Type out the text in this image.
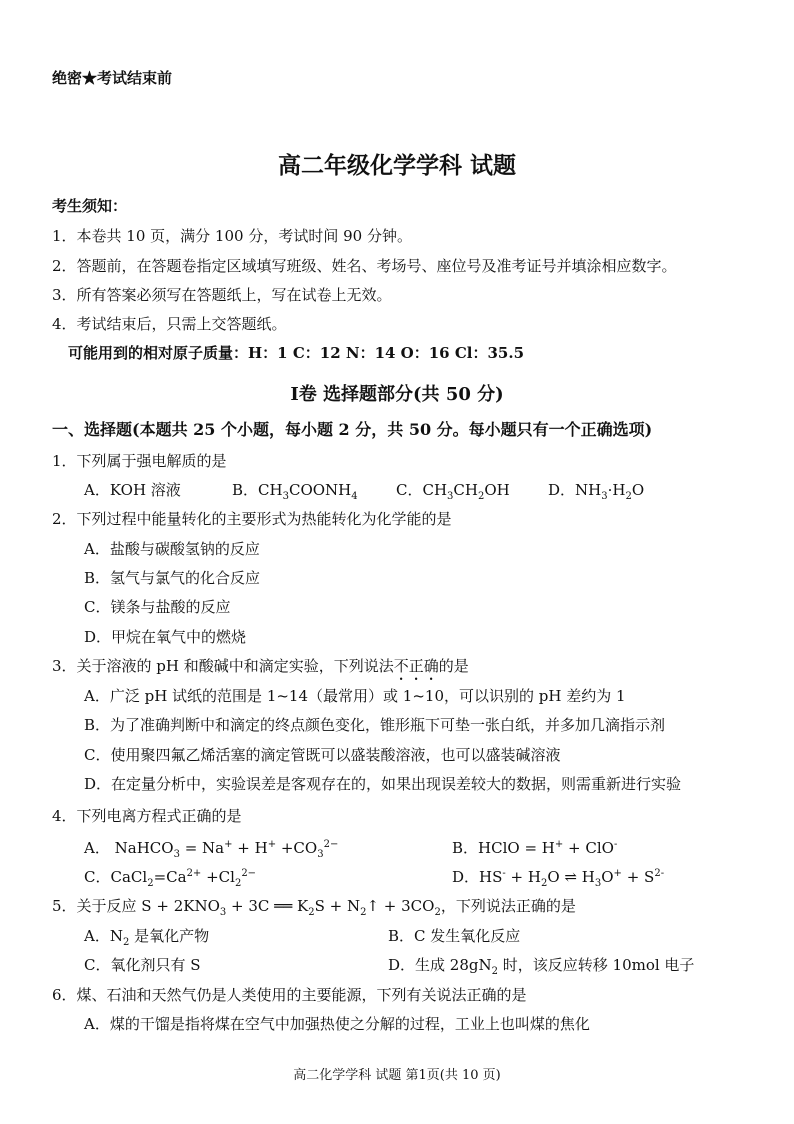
绝密★考试结束前
高二年级化学学科 试题
考生须知：
1．本卷共 10 页，满分 100 分，考试时间 90 分钟。
2．答题前，在答题卷指定区域填写班级、姓名、考场号、座位号及准考证号并填涂相应数字。
3．所有答案必须写在答题纸上，写在试卷上无效。
4．考试结束后，只需上交答题纸。
可能用到的相对原子质量：H：1 C：12 N：14 O：16 Cl：35.5
I卷 选择题部分(共 50 分)
一、选择题(本题共 25 个小题，每小题 2 分，共 50 分。每小题只有一个正确选项)
1．下列属于强电解质的是
A．KOH 溶液	B．$CH_3COONH_4$	C．$CH_3CH_2OH$	D．$NH_3\cdot H_2O$
2．下列过程中能量转化的主要形式为热能转化为化学能的是
A．盐酸与碳酸氢钠的反应
B．氢气与氯气的化合反应
C．镁条与盐酸的反应
D．甲烷在氧气中的燃烧
3．关于溶液的 pH 和酸碱中和滴定实验，下列说法不正确的是
A．广泛 pH 试纸的范围是 1~14（最常用）或 1~10，可以识别的 pH 差约为 1
B．为了准确判断中和滴定的终点颜色变化，锥形瓶下可垫一张白纸，并多加几滴指示剂
C．使用聚四氟乙烯活塞的滴定管既可以盛装酸溶液，也可以盛装碱溶液
D．在定量分析中，实验误差是客观存在的，如果出现误差较大的数据，则需重新进行实验
4．下列电离方程式正确的是
A． NaHCO$_3$ = $Na^+ + H^+ +CO_3^{2-}$	B．HClO = H+ + ClO-
C．$CaCl_2=Ca^{2+} +Cl_2^{2-}$	D．$HS^- + H_2O$ ⇌ $H_3O^+ + S^{2-}$
5．关于反应 $S + 2KNO_3 + 3C$ ══ $K_2S$ + $N_2↑ + 3CO_2$，下列说法正确的是
A．$N_2$ 是氧化产物	B．C 发生氧化反应
C．氧化剂只有 S	D．生成 $28gN_2$ 时，该反应转移 10mol 电子
6．煤、石油和天然气仍是人类使用的主要能源，下列有关说法正确的是
A．煤的干馏是指将煤在空气中加强热使之分解的过程，工业上也叫煤的焦化
高二化学学科 试题 第1页(共 10 页)
